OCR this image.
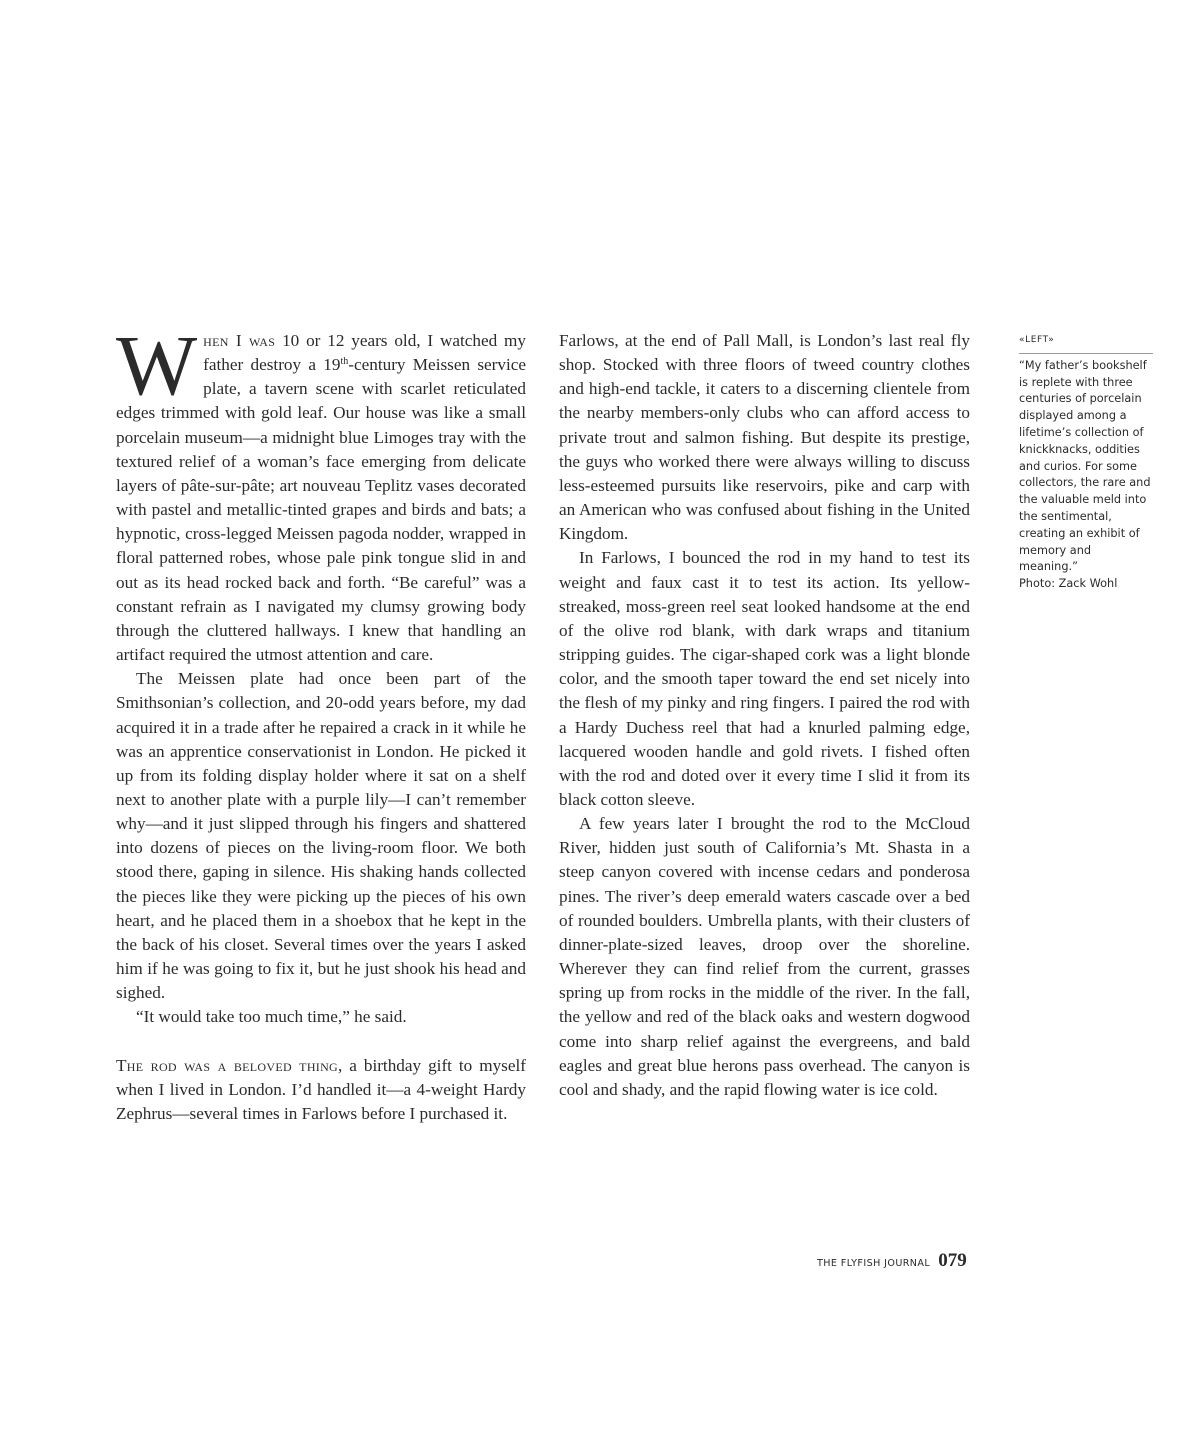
When I was 10 or 12 years old, I watched my father destroy a 19th-century Meissen service plate, a tavern scene with scarlet reticulated edges trimmed with gold leaf. Our house was like a small porcelain museum—a midnight blue Limoges tray with the textured relief of a woman’s face emerging from delicate layers of pâte-sur-pâte; art nouveau Teplitz vases decorated with pastel and metallic-tinted grapes and birds and bats; a hypnotic, cross-legged Meissen pagoda nodder, wrapped in floral patterned robes, whose pale pink tongue slid in and out as its head rocked back and forth. “Be careful” was a constant refrain as I navigated my clumsy growing body through the cluttered hallways. I knew that handling an artifact required the utmost attention and care.

The Meissen plate had once been part of the Smithsonian’s collection, and 20-odd years before, my dad acquired it in a trade after he repaired a crack in it while he was an apprentice conservationist in London. He picked it up from its folding display holder where it sat on a shelf next to another plate with a purple lily—I can’t remember why—and it just slipped through his fingers and shattered into dozens of pieces on the living-room floor. We both stood there, gaping in silence. His shaking hands collected the pieces like they were picking up the pieces of his own heart, and he placed them in a shoebox that he kept in the the back of his closet. Several times over the years I asked him if he was going to fix it, but he just shook his head and sighed.

“It would take too much time,” he said.

The rod was a beloved thing, a birthday gift to myself when I lived in London. I’d handled it—a 4-weight Hardy Zephrus—several times in Farlows before I purchased it.

Farlows, at the end of Pall Mall, is London’s last real fly shop. Stocked with three floors of tweed country clothes and high-end tackle, it caters to a discerning clientele from the nearby members-only clubs who can afford access to private trout and salmon fishing. But despite its prestige, the guys who worked there were always willing to discuss less-esteemed pursuits like reservoirs, pike and carp with an American who was confused about fishing in the United Kingdom.

In Farlows, I bounced the rod in my hand to test its weight and faux cast it to test its action. Its yellow-streaked, moss-green reel seat looked handsome at the end of the olive rod blank, with dark wraps and titanium stripping guides. The cigar-shaped cork was a light blonde color, and the smooth taper toward the end set nicely into the flesh of my pinky and ring fingers. I paired the rod with a Hardy Duchess reel that had a knurled palming edge, lacquered wooden handle and gold rivets. I fished often with the rod and doted over it every time I slid it from its black cotton sleeve.

A few years later I brought the rod to the McCloud River, hidden just south of California’s Mt. Shasta in a steep canyon covered with incense cedars and ponderosa pines. The river’s deep emerald waters cascade over a bed of rounded boulders. Umbrella plants, with their clusters of dinner-plate-sized leaves, droop over the shoreline. Wherever they can find relief from the current, grasses spring up from rocks in the middle of the river. In the fall, the yellow and red of the black oaks and western dogwood come into sharp relief against the evergreens, and bald eagles and great blue herons pass overhead. The canyon is cool and shady, and the rapid flowing water is ice cold.

«LEFT»
“My father’s bookshelf is replete with three centuries of porcelain displayed among a lifetime’s collection of knickknacks, oddities and curios. For some collectors, the rare and the valuable meld into the sentimental, creating an exhibit of memory and meaning.”
Photo: Zack Wohl
THE FLYFISH JOURNAL 079
